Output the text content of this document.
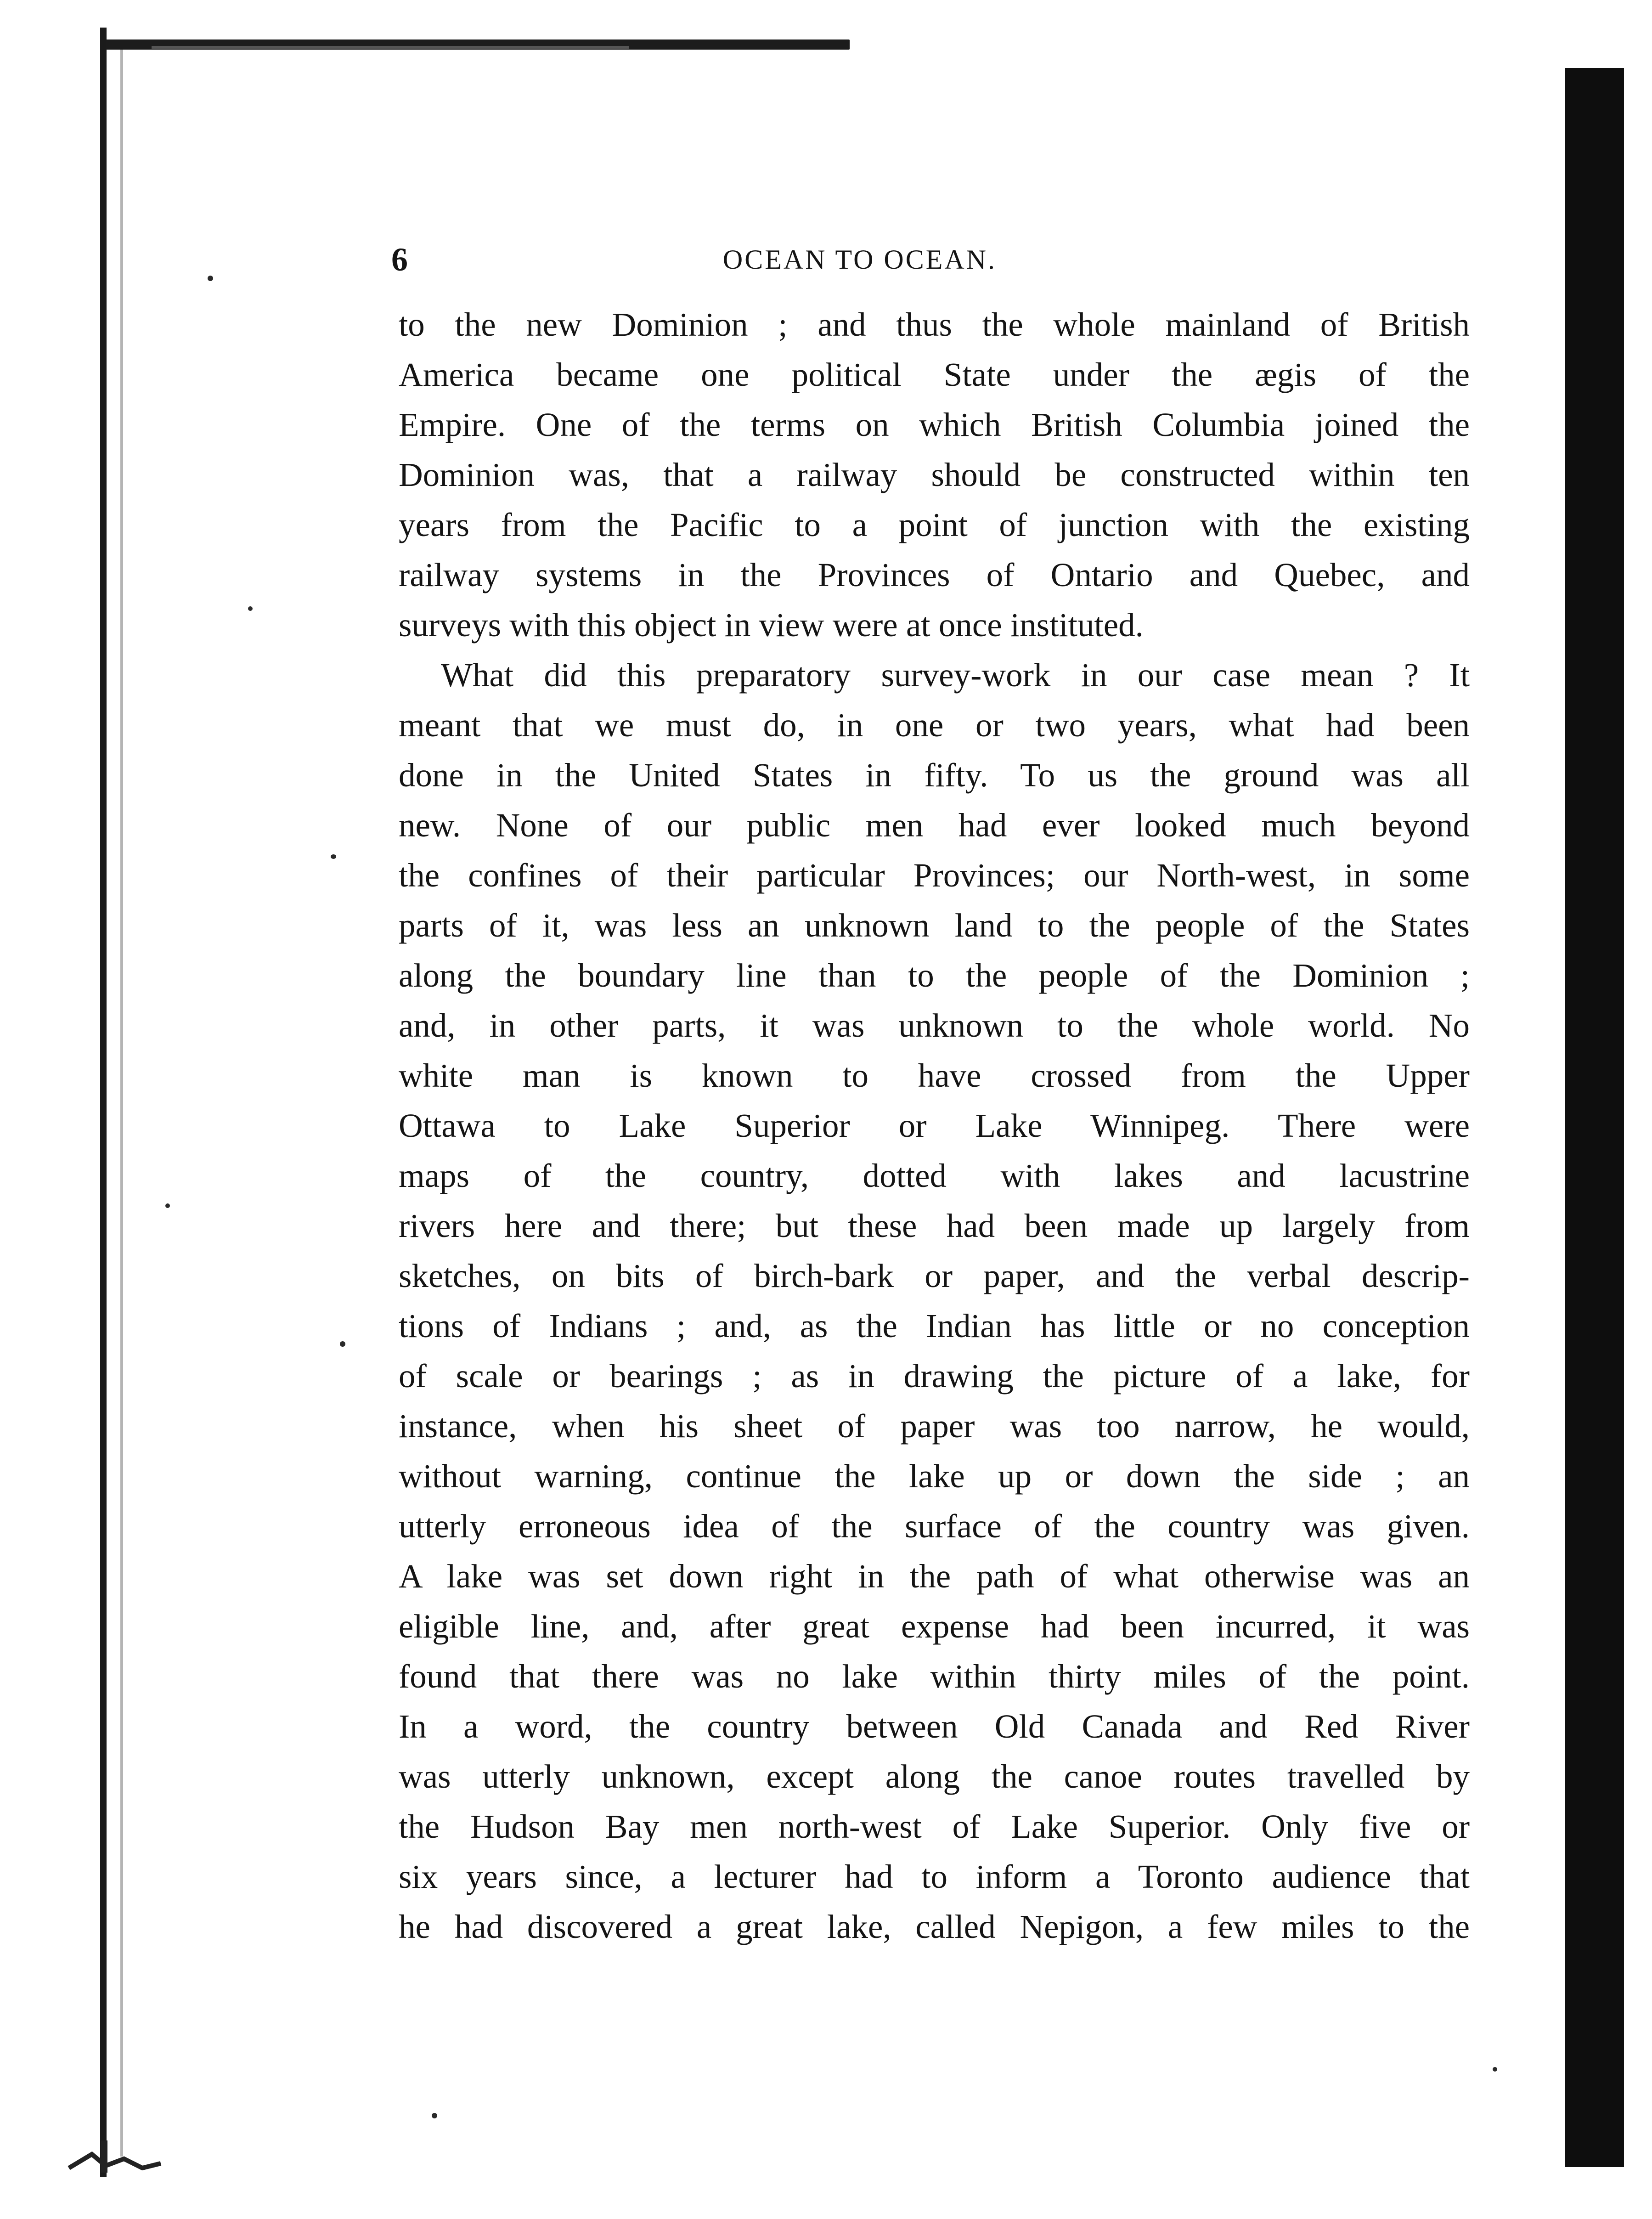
6	OCEAN TO OCEAN.
to the new Dominion ; and thus the whole mainland of British
America became one political State under the ægis of the
Empire. One of the terms on which British Columbia joined the
Dominion was, that a railway should be constructed within ten
years from the Pacific to a point of junction with the existing
railway systems in the Provinces of Ontario and Quebec, and
surveys with this object in view were at once instituted.
What did this preparatory survey-work in our case mean ? It
meant that we must do, in one or two years, what had been
done in the United States in fifty. To us the ground was all
new. None of our public men had ever looked much beyond
the confines of their particular Provinces; our North-west, in some
parts of it, was less an unknown land to the people of the States
along the boundary line than to the people of the Dominion ;
and, in other parts, it was unknown to the whole world. No
white man is known to have crossed from the Upper
Ottawa to Lake Superior or Lake Winnipeg. There were
maps of the country, dotted with lakes and lacustrine
rivers here and there; but these had been made up largely from
sketches, on bits of birch-bark or paper, and the verbal descrip-
tions of Indians ; and, as the Indian has little or no conception
of scale or bearings ; as in drawing the picture of a lake, for
instance, when his sheet of paper was too narrow, he would,
without warning, continue the lake up or down the side ; an
utterly erroneous idea of the surface of the country was given.
A lake was set down right in the path of what otherwise was an
eligible line, and, after great expense had been incurred, it was
found that there was no lake within thirty miles of the point.
In a word, the country between Old Canada and Red River
was utterly unknown, except along the canoe routes travelled by
the Hudson Bay men north-west of Lake Superior. Only five or
six years since, a lecturer had to inform a Toronto audience that
he had discovered a great lake, called Nepigon, a few miles to the
